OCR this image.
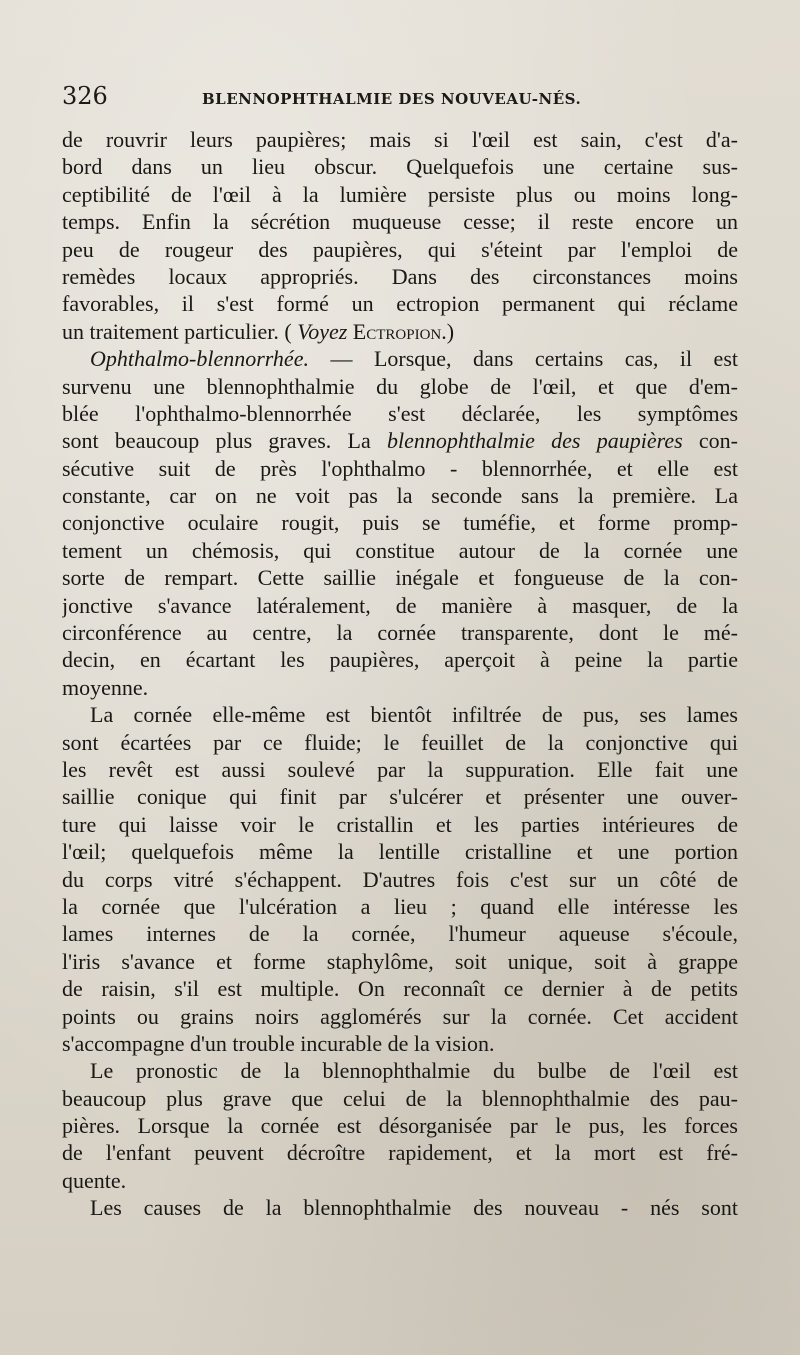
326	BLENNOPHTHALMIE DES NOUVEAU-NÉS.
de rouvrir leurs paupières; mais si l'œil est sain, c'est d'a-
bord dans un lieu obscur. Quelquefois une certaine sus-
ceptibilité de l'œil à la lumière persiste plus ou moins long-
temps. Enfin la sécrétion muqueuse cesse; il reste encore un
peu de rougeur des paupières, qui s'éteint par l'emploi de
remèdes locaux appropriés. Dans des circonstances moins
favorables, il s'est formé un ectropion permanent qui réclame
un traitement particulier. ( Voyez Ectropion.)
Ophthalmo-blennorrhée. — Lorsque, dans certains cas, il est
survenu une blennophthalmie du globe de l'œil, et que d'em-
blée l'ophthalmo-blennorrhée s'est déclarée, les symptômes
sont beaucoup plus graves. La blennophthalmie des paupières con-
sécutive suit de près l'ophthalmo - blennorrhée, et elle est
constante, car on ne voit pas la seconde sans la première. La
conjonctive oculaire rougit, puis se tuméfie, et forme promp-
tement un chémosis, qui constitue autour de la cornée une
sorte de rempart. Cette saillie inégale et fongueuse de la con-
jonctive s'avance latéralement, de manière à masquer, de la
circonférence au centre, la cornée transparente, dont le mé-
decin, en écartant les paupières, aperçoit à peine la partie
moyenne.
La cornée elle-même est bientôt infiltrée de pus, ses lames
sont écartées par ce fluide; le feuillet de la conjonctive qui
les revêt est aussi soulevé par la suppuration. Elle fait une
saillie conique qui finit par s'ulcérer et présenter une ouver-
ture qui laisse voir le cristallin et les parties intérieures de
l'œil; quelquefois même la lentille cristalline et une portion
du corps vitré s'échappent. D'autres fois c'est sur un côté de
la cornée que l'ulcération a lieu ; quand elle intéresse les
lames internes de la cornée, l'humeur aqueuse s'écoule,
l'iris s'avance et forme staphylôme, soit unique, soit à grappe
de raisin, s'il est multiple. On reconnaît ce dernier à de petits
points ou grains noirs agglomérés sur la cornée. Cet accident
s'accompagne d'un trouble incurable de la vision.
Le pronostic de la blennophthalmie du bulbe de l'œil est
beaucoup plus grave que celui de la blennophthalmie des pau-
pières. Lorsque la cornée est désorganisée par le pus, les forces
de l'enfant peuvent décroître rapidement, et la mort est fré-
quente.
Les causes de la blennophthalmie des nouveau - nés sont
